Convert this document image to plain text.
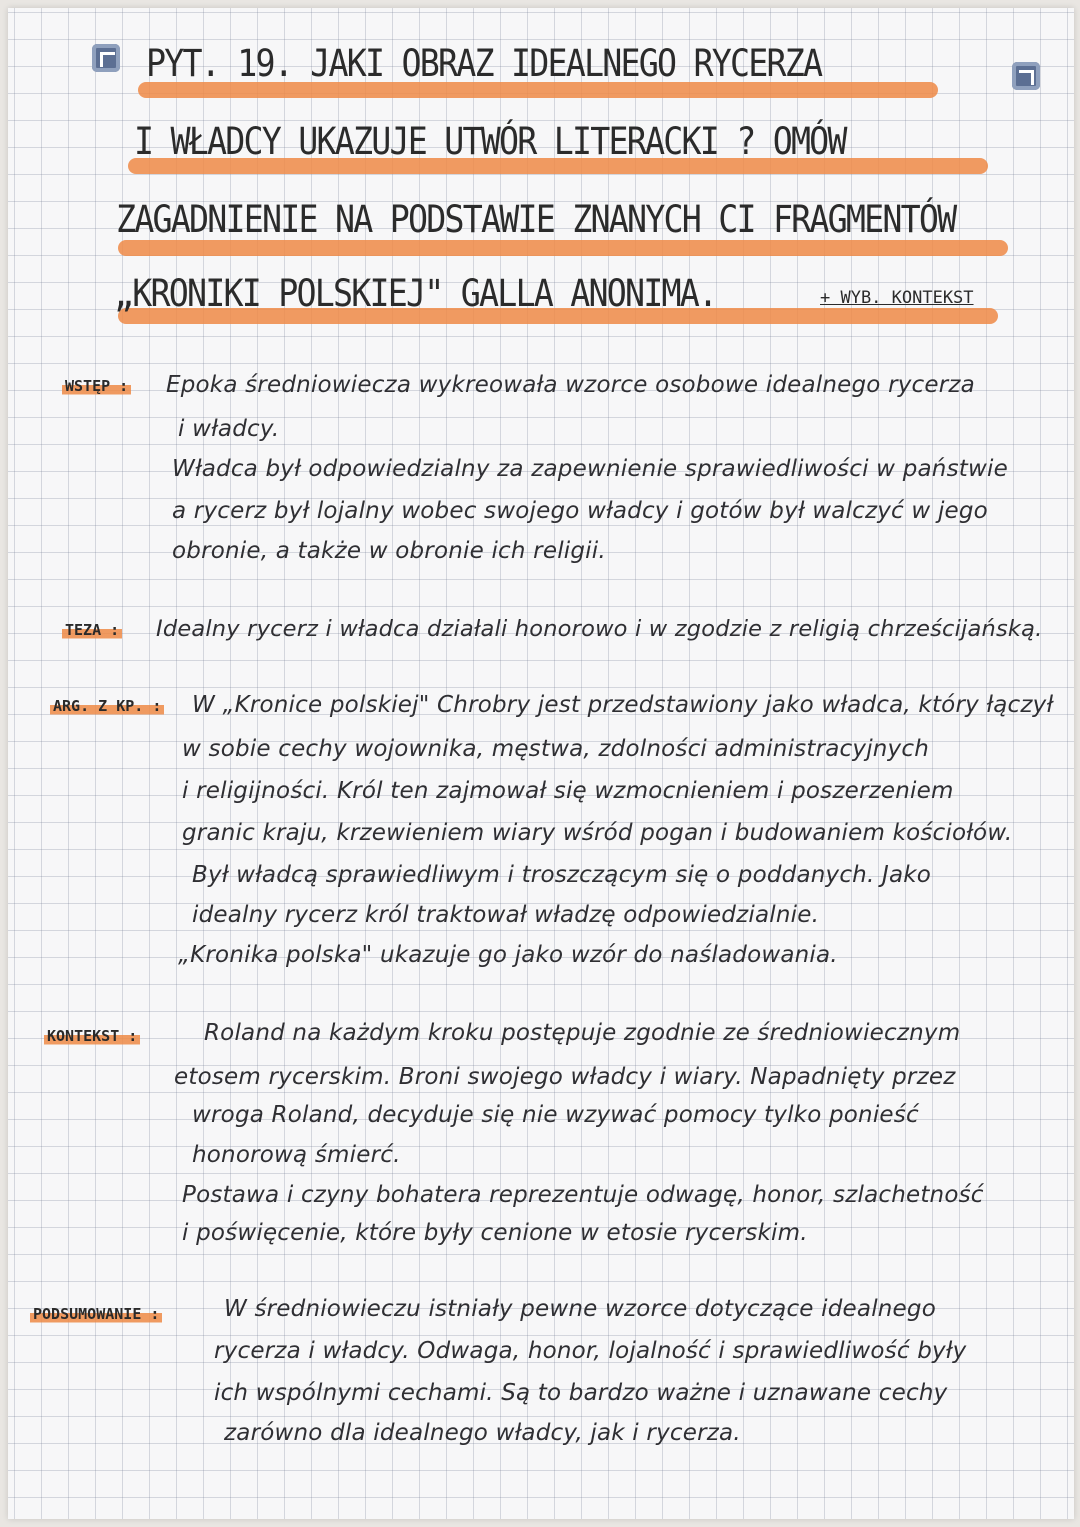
PYT. 19. JAKI OBRAZ IDEALNEGO RYCERZA
I WŁADCY UKAZUJE UTWÓR LITERACKI ? OMÓW
ZAGADNIENIE NA PODSTAWIE ZNANYCH CI FRAGMENTÓW
„KRONIKI POLSKIEJ" GALLA ANONIMA.	+ WYB. KONTEKST
WSTĘP : Epoka średniowiecza wykreowała wzorce osobowe idealnego rycerza
i władcy.
Władca był odpowiedzialny za zapewnienie sprawiedliwości w państwie
a rycerz był lojalny wobec swojego władcy i gotów był walczyć w jego
obronie, a także w obronie ich religii.
TEZA : Idealny rycerz i władca działali honorowo i w zgodzie z religią chrześcijańską.
ARG. Z KP. : W „Kronice polskiej" Chrobry jest przedstawiony jako władca, który łączył
w sobie cechy wojownika, męstwa, zdolności administracyjnych
i religijności. Król ten zajmował się wzmocnieniem i poszerzeniem
granic kraju, krzewieniem wiary wśród pogan i budowaniem kościołów.
Był władcą sprawiedliwym i troszczącym się o poddanych. Jako
idealny rycerz król traktował władzę odpowiedzialnie.
„Kronika polska" ukazuje go jako wzór do naśladowania.
KONTEKST :	Roland na każdym kroku postępuje zgodnie ze średniowiecznym
etosem rycerskim. Broni swojego władcy i wiary. Napadnięty przez
wroga Roland, decyduje się nie wzywać pomocy tylko ponieść
honorową śmierć.
Postawa i czyny bohatera reprezentuje odwagę, honor, szlachetność
i poświęcenie, które były cenione w etosie rycerskim.
PODSUMOWANIE :	W średniowieczu istniały pewne wzorce dotyczące idealnego
rycerza i władcy. Odwaga, honor, lojalność i sprawiedliwość były
ich wspólnymi cechami. Są to bardzo ważne i uznawane cechy
zarówno dla idealnego władcy, jak i rycerza.
